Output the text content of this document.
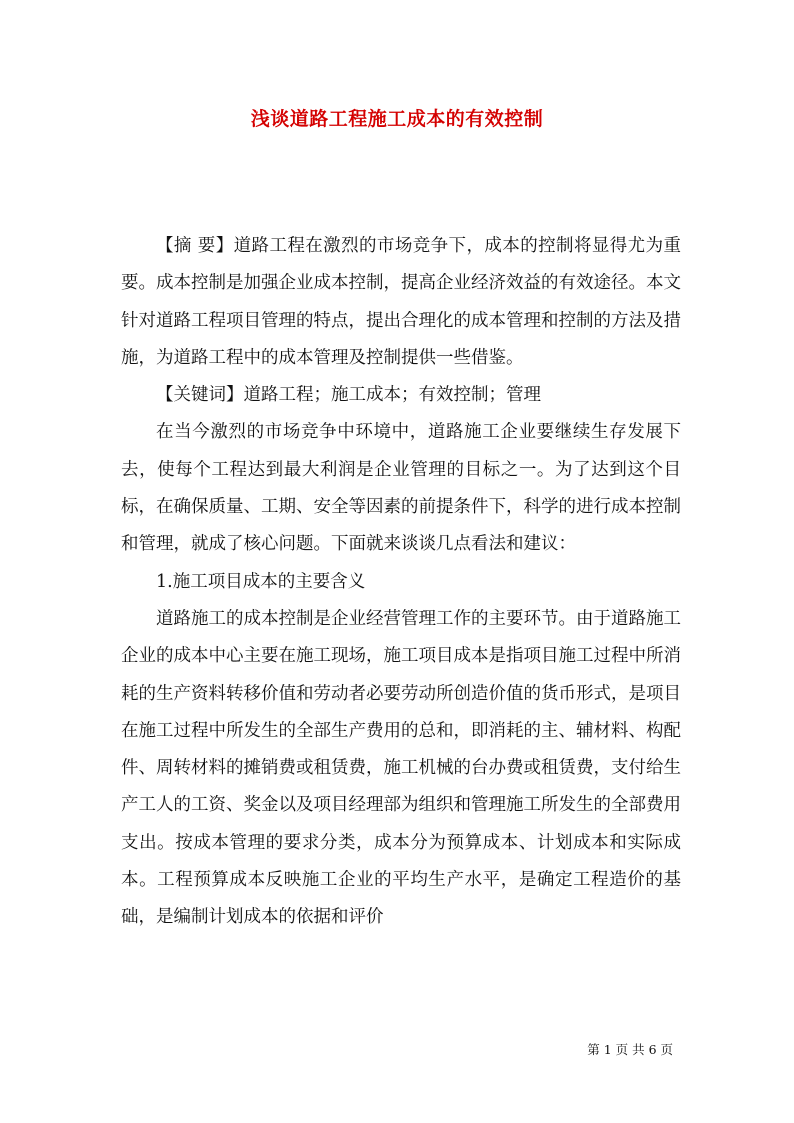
浅谈道路工程施工成本的有效控制

【摘 要】道路工程在激烈的市场竞争下，成本的控制将显得尤为重要。成本控制是加强企业成本控制，提高企业经济效益的有效途径。本文针对道路工程项目管理的特点，提出合理化的成本管理和控制的方法及措施，为道路工程中的成本管理及控制提供一些借鉴。

【关键词】道路工程；施工成本；有效控制；管理

在当今激烈的市场竞争中环境中，道路施工企业要继续生存发展下去，使每个工程达到最大利润是企业管理的目标之一。为了达到这个目标，在确保质量、工期、安全等因素的前提条件下，科学的进行成本控制和管理，就成了核心问题。下面就来谈谈几点看法和建议：

1.施工项目成本的主要含义

道路施工的成本控制是企业经营管理工作的主要环节。由于道路施工企业的成本中心主要在施工现场，施工项目成本是指项目施工过程中所消耗的生产资料转移价值和劳动者必要劳动所创造价值的货币形式，是项目在施工过程中所发生的全部生产费用的总和，即消耗的主、辅材料、构配件、周转材料的摊销费或租赁费，施工机械的台办费或租赁费，支付给生产工人的工资、奖金以及项目经理部为组织和管理施工所发生的全部费用支出。按成本管理的要求分类，成本分为预算成本、计划成本和实际成本。工程预算成本反映施工企业的平均生产水平，是确定工程造价的基础，是编制计划成本的依据和评价

第 1 页 共 6 页
